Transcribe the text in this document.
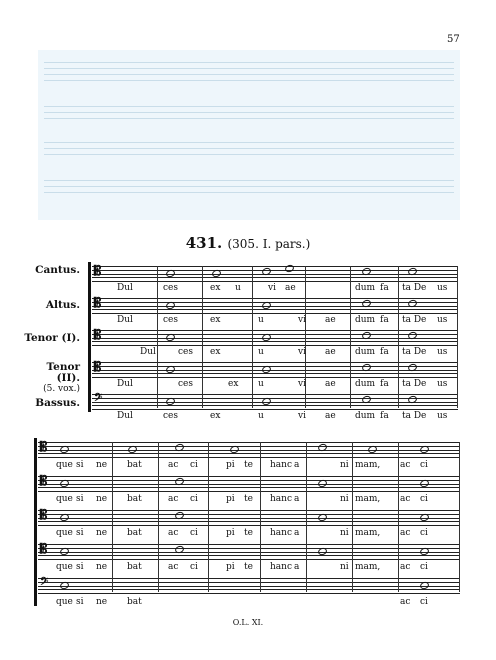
57
431. (305. I. pars.)
Cantus.
Altus.
Tenor (I).
Tenor (II).
(5. vox.)
Bassus.
𝄡
𝄡
𝄡
𝄡
𝄢
Dul	ces	ex u	vi ae	dum fa ta De us
Dul	ces	ex	u	vi ae dum fa ta De us
Dul ces ex	u	vi ae dum fa ta De us
Dul	ces	ex u	vi ae dum fa ta De us
Dul	ces	ex	u	vi ae dum fa ta De us
𝄡
𝄡
𝄡
𝄡
𝄢
que si ne bat	ac ci	pi te hanc a	ni mam, ac ci
que si ne bat	ac ci	pi te hanc a	ni mam, ac ci
que si ne bat	ac ci	pi te hanc a	ni mam, ac ci
que si ne bat	ac ci	pi te hanc a	ni mam, ac ci
que si ne bat	ac ci
O.L. XI.
